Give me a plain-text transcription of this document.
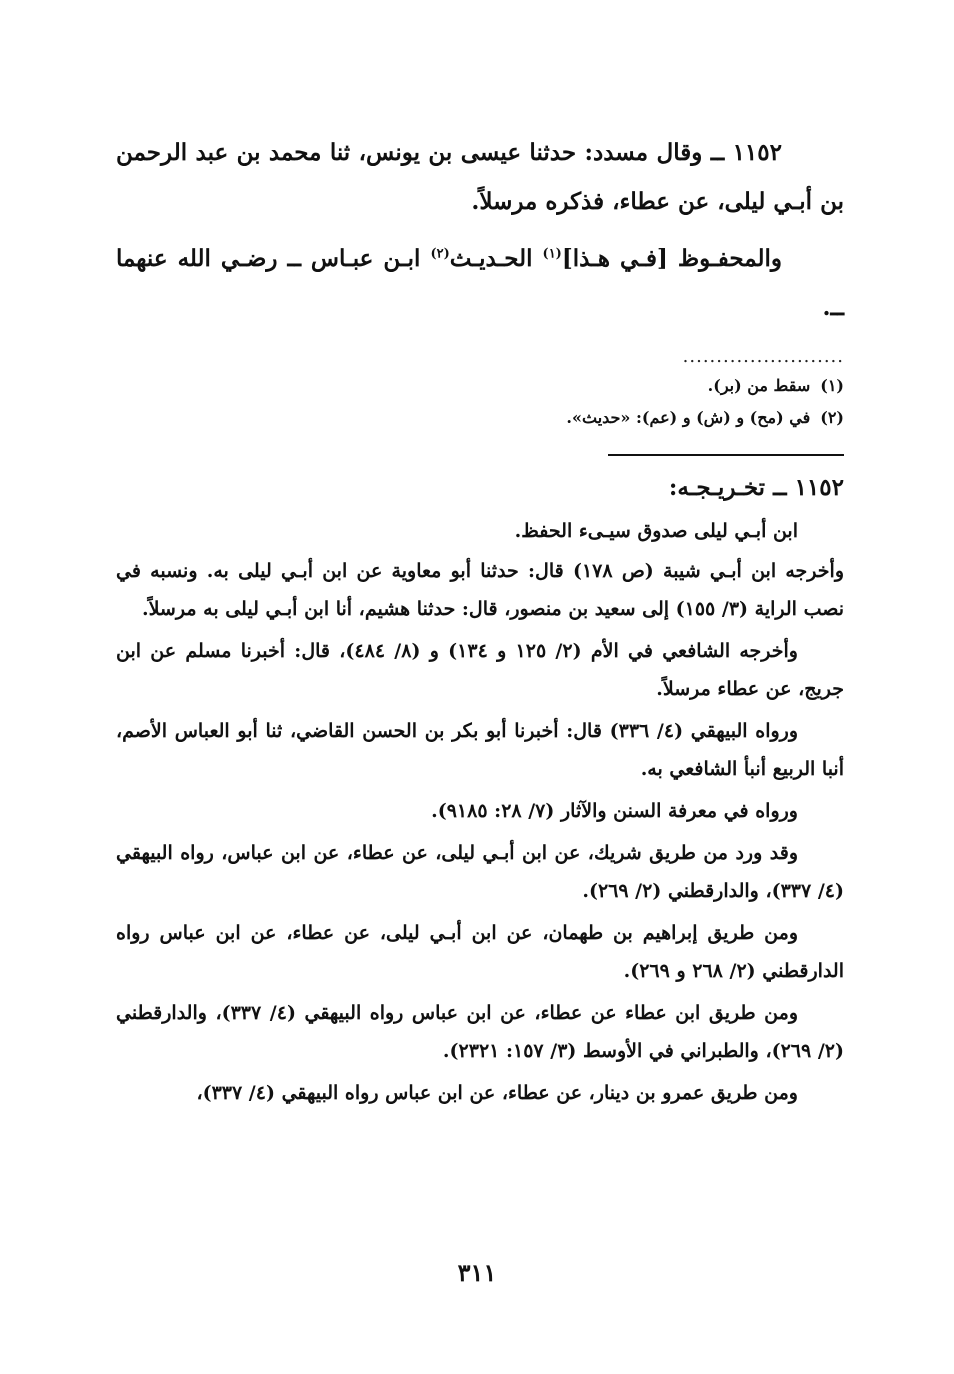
١١٥٢ ــ وقال مسدد: حدثنا عيسى بن يونس، ثنا محمد بن عبد الرحمن بن أبـي ليلى، عن عطاء، فذكره مرسلاً.

والمحفـوظ [فـي هـذا]$^{(١)}$ الحـديـث$^{(٢)}$ ابـن عبـاس ــ رضـي الله عنهما ــ.

........................
(١)سقط من (بر).
(٢)في (مح) و (ش) و (عم): «حديث».
١١٥٢ ــ تخـريـجـه:

ابن أبـي ليلى صدوق سيـىء الحفظ.

وأخرجه ابن أبـي شيبة (ص ١٧٨) قال: حدثنا أبو معاوية عن ابن أبـي ليلى به. ونسبه في نصب الراية (٣/ ١٥٥) إلى سعيد بن منصور، قال: حدثنا هشيم، أنا ابن أبـي ليلى به مرسلاً.

وأخرجه الشافعي في الأم (٢/ ١٢٥ و ١٣٤) و (٨/ ٤٨٤)، قال: أخبرنا مسلم عن ابن جريج، عن عطاء مرسلاً.

ورواه البيهقي (٤/ ٣٣٦) قال: أخبرنا أبو بكر بن الحسن القاضي، ثنا أبو العباس الأصم، أنبا الربيع أنبأ الشافعي به.

ورواه في معرفة السنن والآثار (٧/ ٢٨: ٩١٨٥).

وقد ورد من طريق شريك، عن ابن أبـي ليلى، عن عطاء، عن ابن عباس، رواه البيهقي (٤/ ٣٣٧)، والدارقطني (٢/ ٢٦٩).

ومن طريق إبراهيم بن طهمان، عن ابن أبـي ليلى، عن عطاء، عن ابن عباس رواه الدارقطني (٢/ ٢٦٨ و ٢٦٩).

ومن طريق ابن عطاء عن عطاء، عن ابن عباس رواه البيهقي (٤/ ٣٣٧)، والدارقطني (٢/ ٢٦٩)، والطبراني في الأوسط (٣/ ١٥٧: ٢٣٢١).

ومن طريق عمرو بن دينار، عن عطاء، عن ابن عباس رواه البيهقي (٤/ ٣٣٧)،

٣١١
